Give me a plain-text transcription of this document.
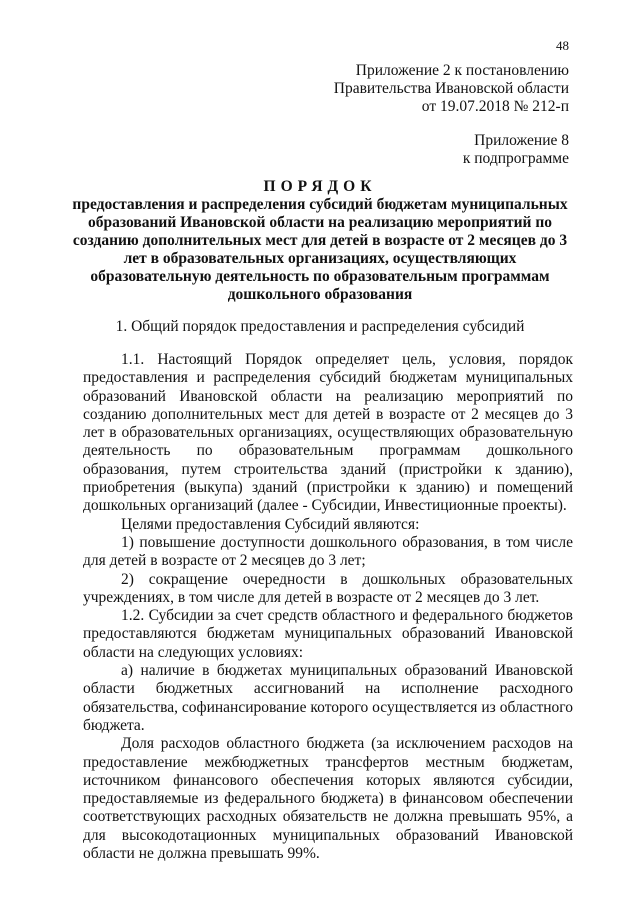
48
Приложение 2 к постановлению
Правительства Ивановской области
от 19.07.2018 № 212-п
Приложение 8
к подпрограмме
ПОРЯДОК
предоставления и распределения субсидий бюджетам муниципальных образований Ивановской области на реализацию мероприятий по созданию дополнительных мест для детей в возрасте от 2 месяцев до 3 лет в образовательных организациях, осуществляющих образовательную деятельность по образовательным программам дошкольного образования
1. Общий порядок предоставления и распределения субсидий

1.1. Настоящий Порядок определяет цель, условия, порядок предоставления и распределения субсидий бюджетам муниципальных образований Ивановской области на реализацию мероприятий по созданию дополнительных мест для детей в возрасте от 2 месяцев до 3 лет в образовательных организациях, осуществляющих образовательную деятельность по образовательным программам дошкольного образования, путем строительства зданий (пристройки к зданию), приобретения (выкупа) зданий (пристройки к зданию) и помещений дошкольных организаций (далее - Субсидии, Инвестиционные проекты).

Целями предоставления Субсидий являются:

1) повышение доступности дошкольного образования, в том числе для детей в возрасте от 2 месяцев до 3 лет;

2) сокращение очередности в дошкольных образовательных учреждениях, в том числе для детей в возрасте от 2 месяцев до 3 лет.

1.2. Субсидии за счет средств областного и федерального бюджетов предоставляются бюджетам муниципальных образований Ивановской области на следующих условиях:

а) наличие в бюджетах муниципальных образований Ивановской области бюджетных ассигнований на исполнение расходного обязательства, софинансирование которого осуществляется из областного бюджета.

Доля расходов областного бюджета (за исключением расходов на предоставление межбюджетных трансфертов местным бюджетам, источником финансового обеспечения которых являются субсидии, предоставляемые из федерального бюджета) в финансовом обеспечении соответствующих расходных обязательств не должна превышать 95%, а для высокодотационных муниципальных образований Ивановской области не должна превышать 99%.
